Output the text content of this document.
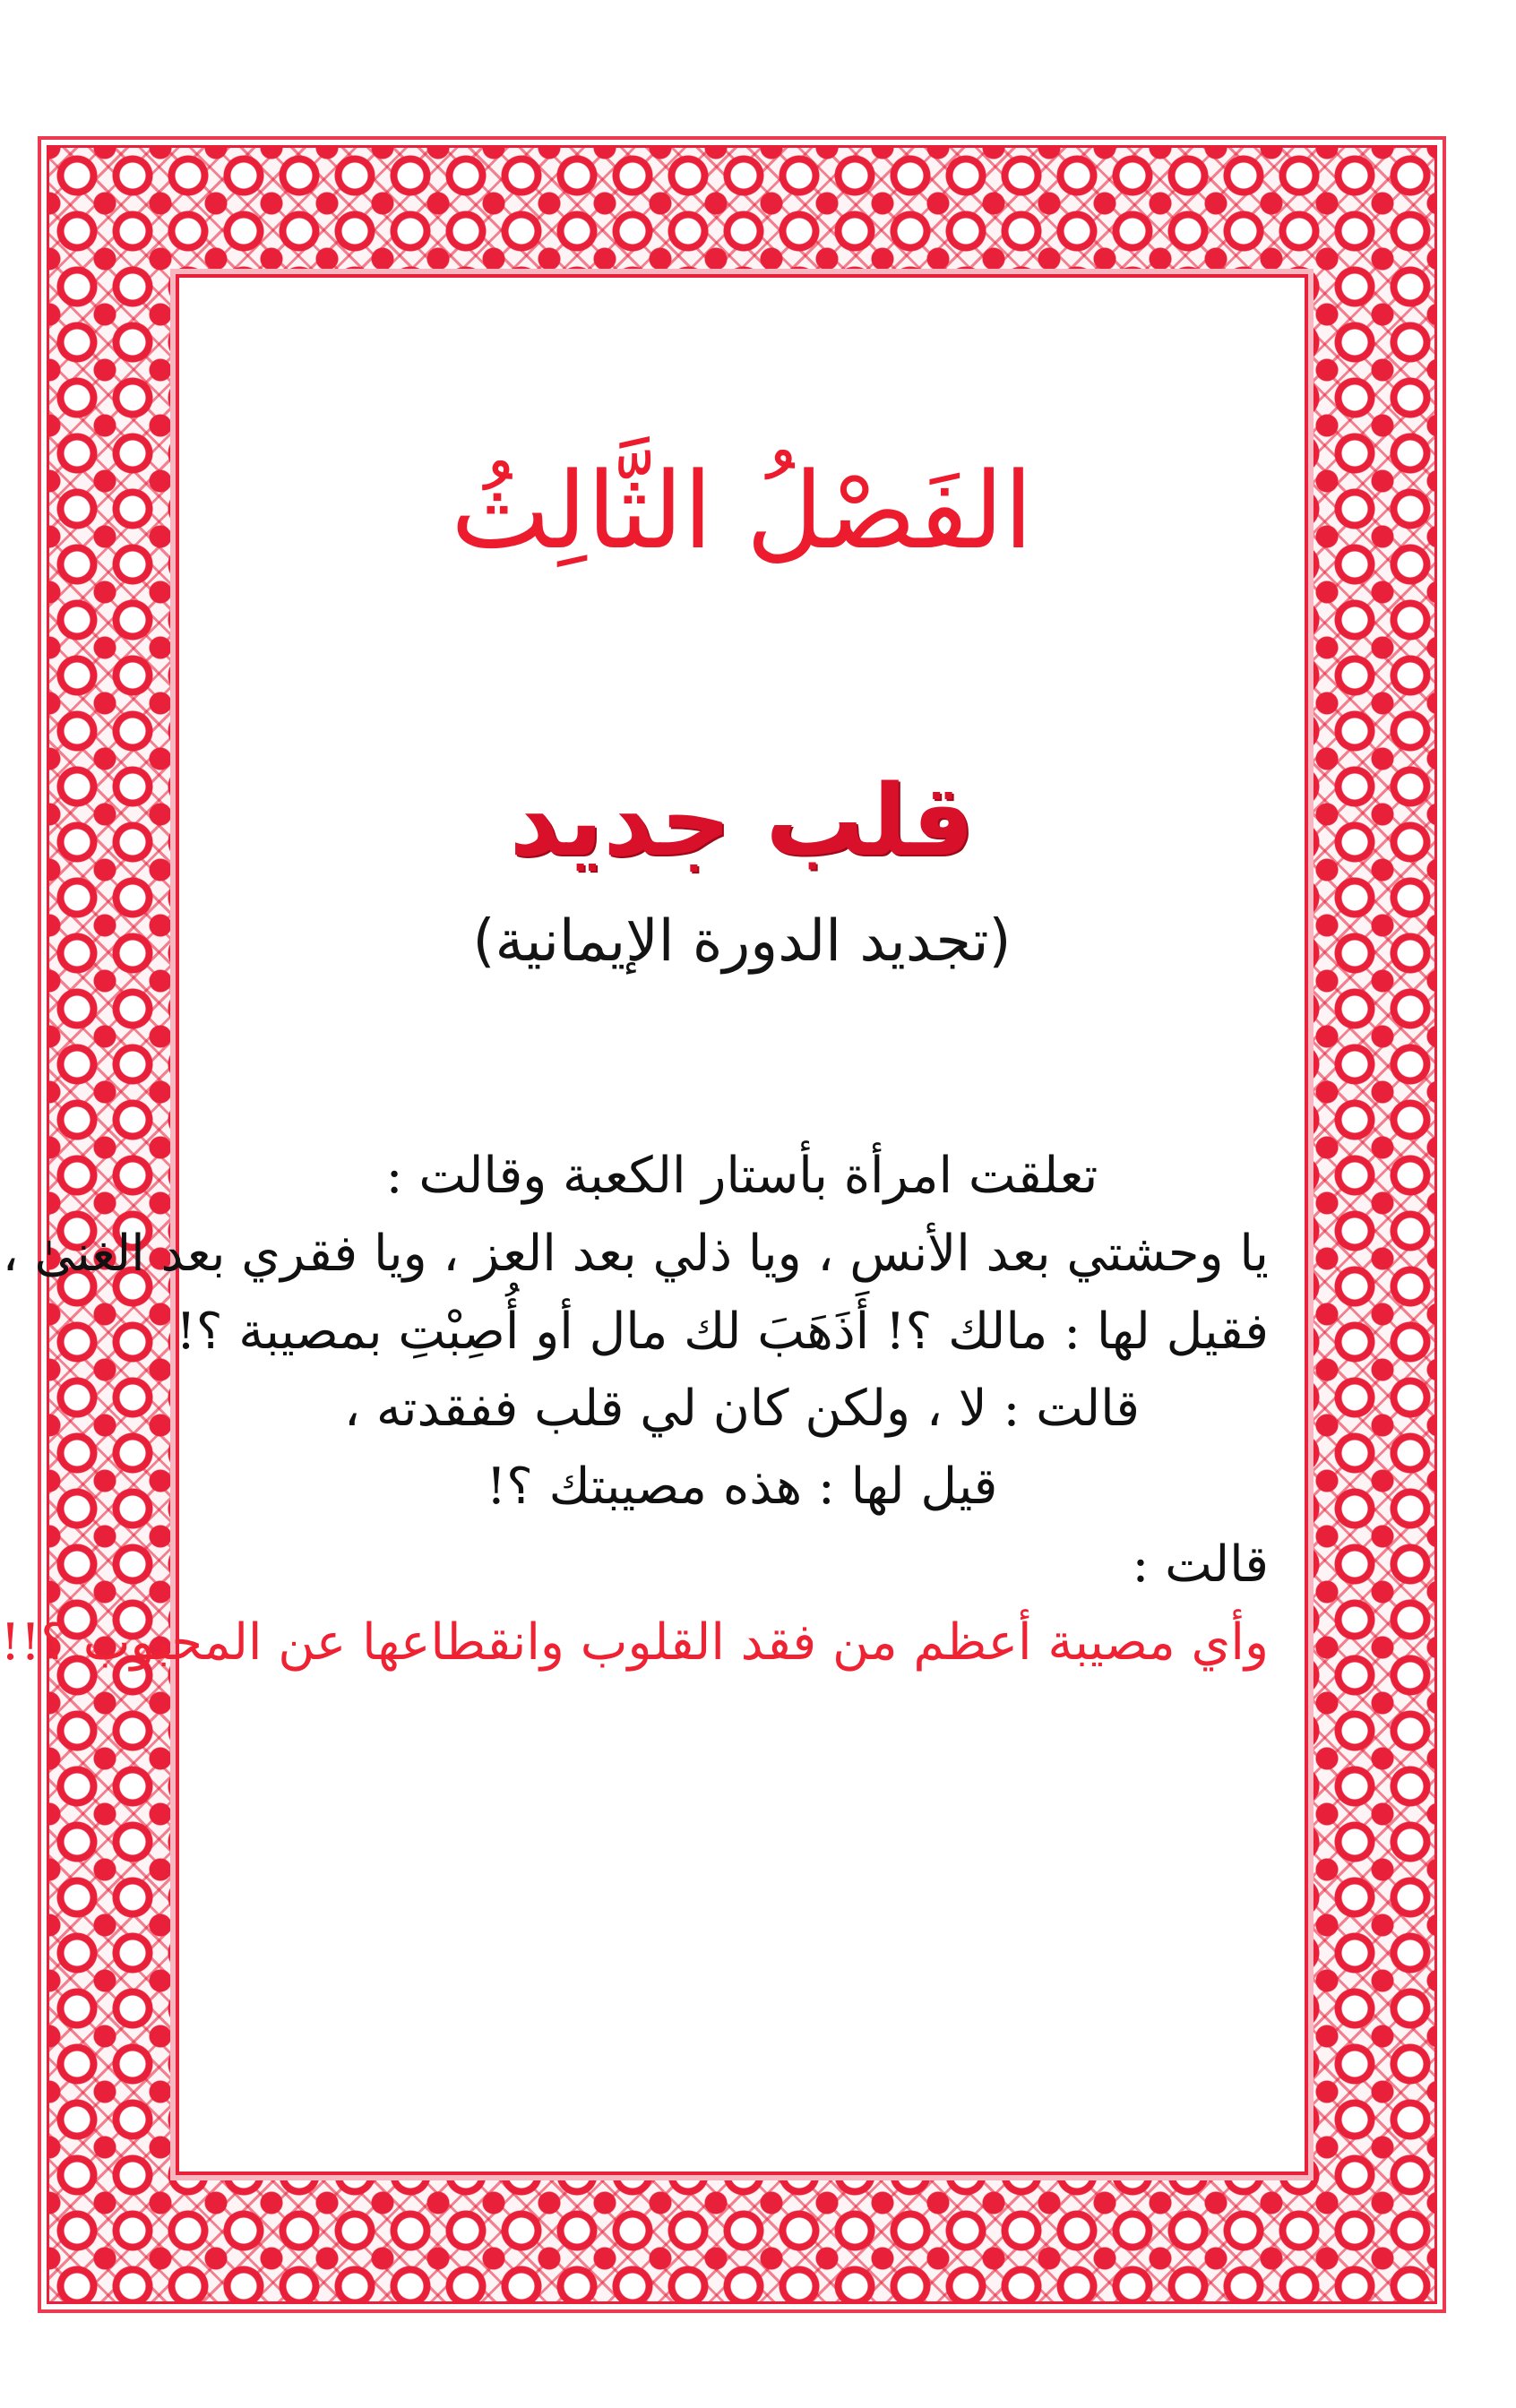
الفَصْلُ الثَّالِثُ
قلب جديد
(تجديد الدورة الإيمانية)
تعلقت امرأة بأستار الكعبة وقالت :
يا وحشتي بعد الأنس ، ويا ذلي بعد العز ، ويا فقري بعد الغنىٰ ،
فقيل لها : مالك ؟! أَذَهَبَ لك مال أو أُصِبْتِ بمصيبة ؟!
قالت : لا ، ولكن كان لي قلب ففقدته ،
قيل لها : هذه مصيبتك ؟!
قالت :
وأي مصيبة أعظم من فقد القلوب وانقطاعها عن المحبوب ؟!!
